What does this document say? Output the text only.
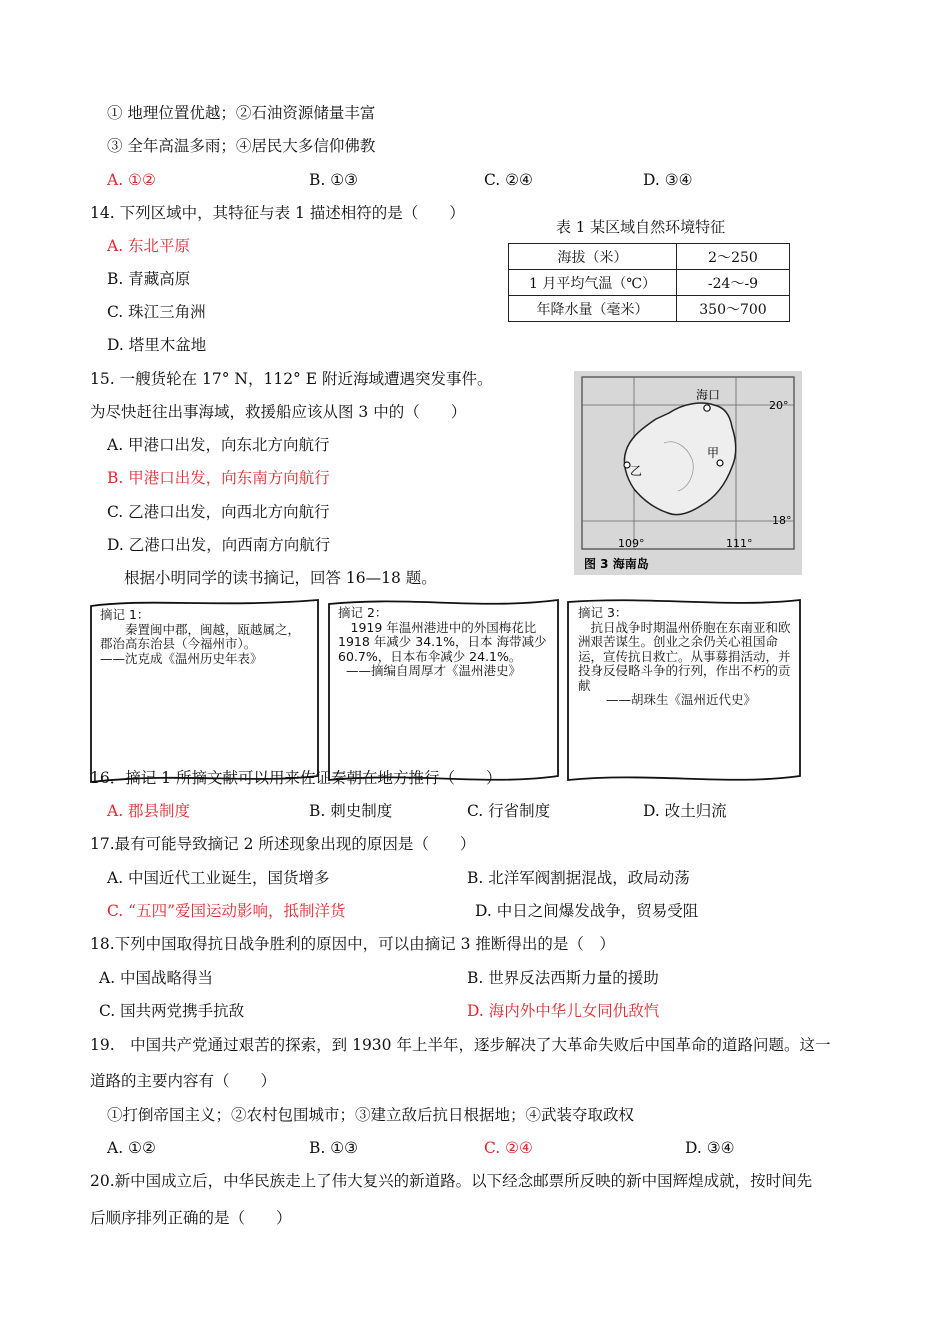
① 地理位置优越；②石油资源储量丰富
③ 全年高温多雨；④居民大多信仰佛教
A. ①②	B. ①③	C. ②④	D. ③④
14. 下列区域中，其特征与表 1 描述相符的是（　　）
A. 东北平原
B. 青藏高原
C. 珠江三角洲
D. 塔里木盆地
表 1 某区域自然环境特征
海拔（米）	2～250
1 月平均气温（℃）	-24～-9
年降水量（毫米）	350～700
15. 一艘货轮在 17° N，112° E 附近海域遭遇突发事件。
为尽快赶往出事海域，救援船应该从图 3 中的（　　）
A. 甲港口出发，向东北方向航行
B. 甲港口出发，向东南方向航行
C. 乙港口出发，向西北方向航行
D. 乙港口出发，向西南方向航行
海口
甲
乙
20°
18°
109°	111°
图 3 海南岛
根据小明同学的读书摘记，回答 16—18 题。

摘记 1：

秦置闽中郡，闽越，瓯越属之，郡治高东治县（今福州市）。

——沈克成《温州历史年表》

摘记 2：

1919 年温州港进中的外国梅花比 1918 年减少 34.1%，日本 海带减少 60.7%，日本布伞减少 24.1%。

——摘编自周厚才《温州港史》

摘记 3：

抗日战争时期温州侨胞在东南亚和欧洲艰苦谋生。创业之余仍关心祖国命运，宣传抗日救亡。从事募捐活动，并投身反侵略斗争的行列，作出不朽的贡献

——胡珠生《温州近代史》

16．摘记 1 所摘文献可以用来佐证秦朝在地方推行（　　）
A. 郡县制度	B. 刺史制度	C. 行省制度	D. 改土归流
17.最有可能导致摘记 2 所述现象出现的原因是（　　）
A. 中国近代工业诞生，国货增多	B. 北洋军阀割据混战，政局动荡
C. “五四”爱国运动影响，抵制洋货	D. 中日之间爆发战争，贸易受阻
18.下列中国取得抗日战争胜利的原因中，可以由摘记 3 推断得出的是（　）
A. 中国战略得当	B. 世界反法西斯力量的援助
C. 国共两党携手抗敌	D. 海内外中华儿女同仇敌忾
19.　中国共产党通过艰苦的探索，到 1930 年上半年，逐步解决了大革命失败后中国革命的道路问题。这一
道路的主要内容有（　　）
①打倒帝国主义；②农村包围城市；③建立敌后抗日根据地；④武装夺取政权
A. ①②	B. ①③	C. ②④	D. ③④
20.新中国成立后，中华民族走上了伟大复兴的新道路。以下经念邮票所反映的新中国辉煌成就，按时间先
后顺序排列正确的是（　　）
